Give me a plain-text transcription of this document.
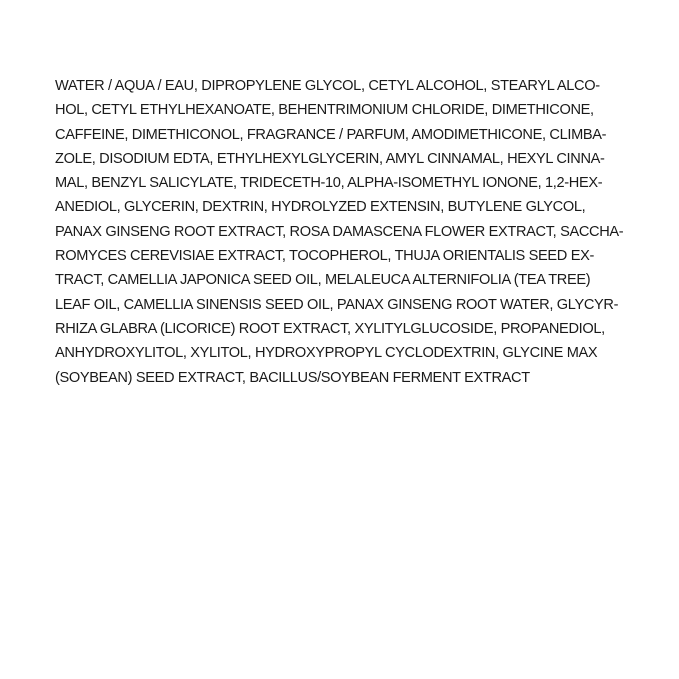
WATER / AQUA / EAU, DIPROPYLENE GLYCOL, CETYL ALCOHOL, STEARYL ALCO-
HOL, CETYL ETHYLHEXANOATE, BEHENTRIMONIUM CHLORIDE, DIMETHICONE,
CAFFEINE, DIMETHICONOL, FRAGRANCE / PARFUM, AMODIMETHICONE, CLIMBA-
ZOLE, DISODIUM EDTA, ETHYLHEXYLGLYCERIN, AMYL CINNAMAL, HEXYL CINNA-
MAL, BENZYL SALICYLATE, TRIDECETH-10, ALPHA-ISOMETHYL IONONE, 1,2-HEX-
ANEDIOL, GLYCERIN, DEXTRIN, HYDROLYZED EXTENSIN, BUTYLENE GLYCOL,
PANAX GINSENG ROOT EXTRACT, ROSA DAMASCENA FLOWER EXTRACT, SACCHA-
ROMYCES CEREVISIAE EXTRACT, TOCOPHEROL, THUJA ORIENTALIS SEED EX-
TRACT, CAMELLIA JAPONICA SEED OIL, MELALEUCA ALTERNIFOLIA (TEA TREE)
LEAF OIL, CAMELLIA SINENSIS SEED OIL, PANAX GINSENG ROOT WATER, GLYCYR-
RHIZA GLABRA (LICORICE) ROOT EXTRACT, XYLITYLGLUCOSIDE, PROPANEDIOL,
ANHYDROXYLITOL, XYLITOL, HYDROXYPROPYL CYCLODEXTRIN, GLYCINE MAX
(SOYBEAN) SEED EXTRACT, BACILLUS/SOYBEAN FERMENT EXTRACT
